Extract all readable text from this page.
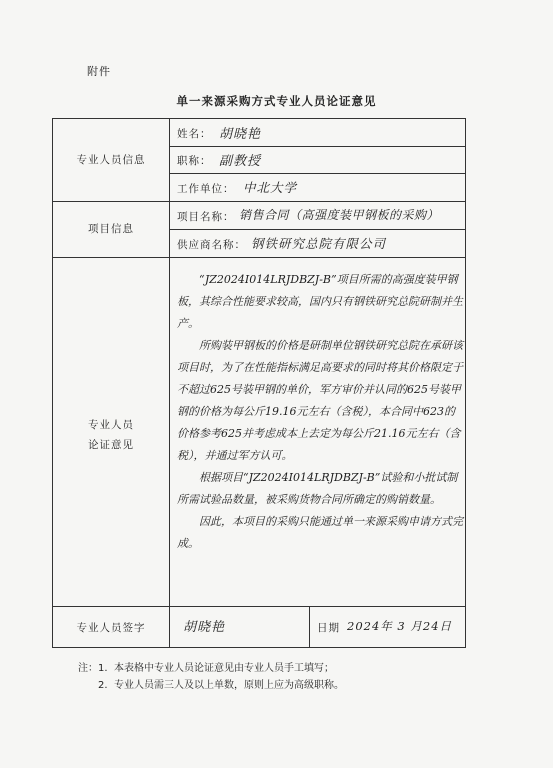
附件
单一来源采购方式专业人员论证意见
专业人员信息
姓名： 胡晓艳
职称： 副教授
工作单位： 中北大学
项目信息
项目名称： 销售合同（高强度装甲钢板的采购）
供应商名称： 钢铁研究总院有限公司
专业人员
论证意见

“JZ2024I014LRJDBZJ-B”项目所需的高强度装甲钢板，其综合性能要求较高，国内只有钢铁研究总院研制并生产。

所购装甲钢板的价格是研制单位钢铁研究总院在承研该项目时，为了在性能指标满足高要求的同时将其价格限定于不超过625号装甲钢的单价，军方审价并认同的625号装甲钢的价格为每公斤19.16元左右（含税），本合同中623的价格参考625并考虑成本上去定为每公斤21.16元左右（含税），并通过军方认可。

根据项目“JZ2024I014LRJDBZJ-B”试验和小批试制所需试验品数量，被采购货物合同所确定的购销数量。

因此，本项目的采购只能通过单一来源采购申请方式完成。

专业人员签字	胡晓艳	日期 2024年 3 月24日
注： 1. 本表格中专业人员论证意见由专业人员手工填写；
2. 专业人员需三人及以上单数，原则上应为高级职称。
